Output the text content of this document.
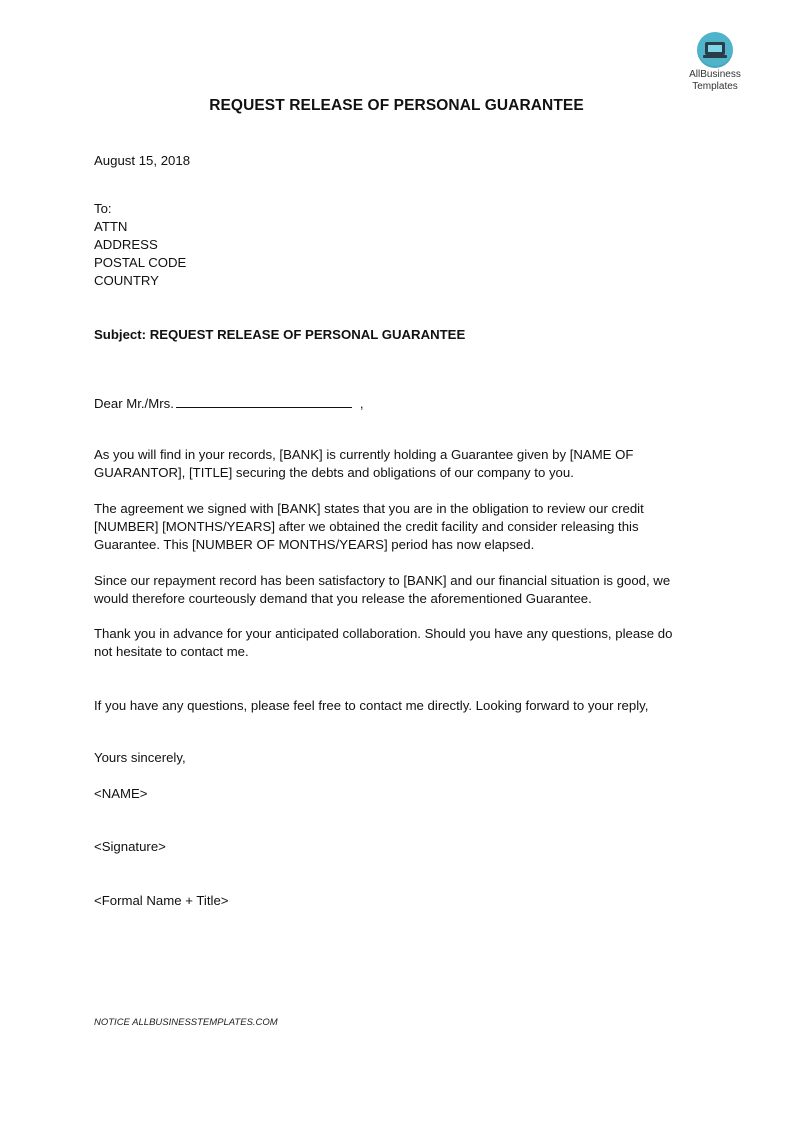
AllBusiness
Templates
REQUEST RELEASE OF PERSONAL GUARANTEE
August 15, 2018
To:
ATTN
ADDRESS
POSTAL CODE
COUNTRY
Subject: REQUEST RELEASE OF PERSONAL GUARANTEE
Dear Mr./Mrs.	,
As you will find in your records, [BANK] is currently holding a Guarantee given by [NAME OF
GUARANTOR], [TITLE] securing the debts and obligations of our company to you.
The agreement we signed with [BANK] states that you are in the obligation to review our credit
[NUMBER] [MONTHS/YEARS] after we obtained the credit facility and consider releasing this
Guarantee. This [NUMBER OF MONTHS/YEARS] period has now elapsed.
Since our repayment record has been satisfactory to [BANK] and our financial situation is good, we
would therefore courteously demand that you release the aforementioned Guarantee.
Thank you in advance for your anticipated collaboration. Should you have any questions, please do
not hesitate to contact me.
If you have any questions, please feel free to contact me directly. Looking forward to your reply,
Yours sincerely,
<NAME>
<Signature>
<Formal Name + Title>
NOTICE ALLBUSINESSTEMPLATES.COM
